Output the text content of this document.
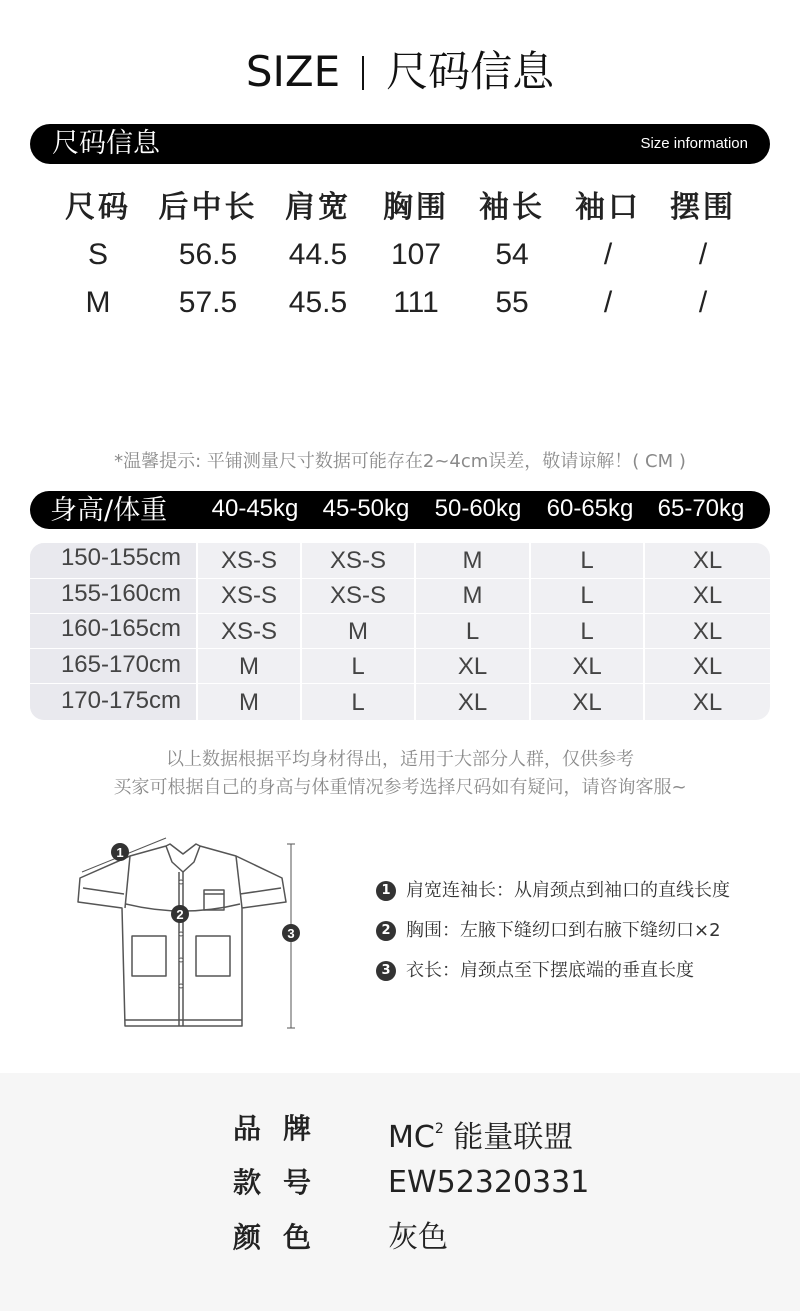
SIZE 尺码信息
尺码信息	Size information
尺码 后中长 肩宽	胸围	袖长	袖口 摆围
S	56.5	44.5	107	54	/	/
M	57.5	45.5	111	55	/	/
*温馨提示: 平铺测量尺寸数据可能存在2~4cm误差，敬请谅解！( CM )
身高/体重	40-45kg	45-50kg	50-60kg	60-65kg	65-70kg
150-155cm	XS-S	XS-S	M	L	XL
155-160cm	XS-S	XS-S	M	L	XL
160-165cm	XS-S	M	L	L	XL
165-170cm	M	L	XL	XL	XL
170-175cm	M	L	XL	XL	XL
以上数据根据平均身材得出，适用于大部分人群，仅供参考
买家可根据自己的身高与体重情况参考选择尺码如有疑问，请咨询客服~
1
2
3
1 肩宽连袖长：从肩颈点到袖口的直线长度
2 胸围：左腋下缝纫口到右腋下缝纫口×2
3 衣长：肩颈点至下摆底端的垂直长度
品牌 $MC^2$ 能量联盟
款号 EW52320331
颜色 灰色
